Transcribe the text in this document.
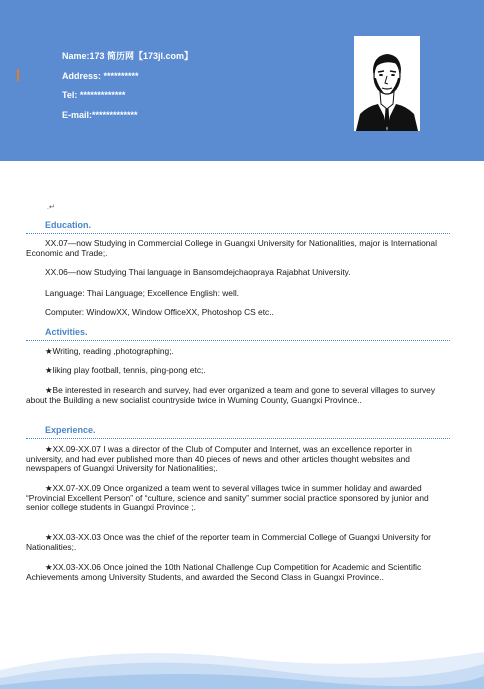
Name:173 简历网【173jl.com】
Address: **********
Tel: *************
E-mail:*************
.↵
Education.
XX.07—now Studying in Commercial College in Guangxi University for Nationalities, major is International Economic and Trade;.
XX.06—now Studying Thai language in Bansomdejchaopraya Rajabhat University.
Language: Thai Language; Excellence English: well.
Computer: WindowXX, Window OfficeXX, Photoshop CS etc..
Activities.
★Writing, reading ,photographing;.
★liking play football, tennis, ping-pong etc;.
★Be interested in research and survey, had ever organized a team and gone to several villages to survey about the Building a new socialist countryside twice in Wuming County, Guangxi Province..
Experience.
★XX.09-XX.07 I was a director of the Club of Computer and Internet, was an excellence reporter in university, and had ever published more than 40 pieces of news and other articles thought websites and newspapers of Guangxi University for Nationalities;.
★XX.07-XX.09 Once organized a team went to several villages twice in summer holiday and awarded “Provincial Excellent Person” of “culture, science and sanity” summer social practice sponsored by junior and senior college students in Guangxi Province ;.
★XX.03-XX.03 Once was the chief of the reporter team in Commercial College of Guangxi University for Nationalities;.
★XX.03-XX.06 Once joined the 10th National Challenge Cup Competition for Academic and Scientific Achievements among University Students, and awarded the Second Class in Guangxi Province..
